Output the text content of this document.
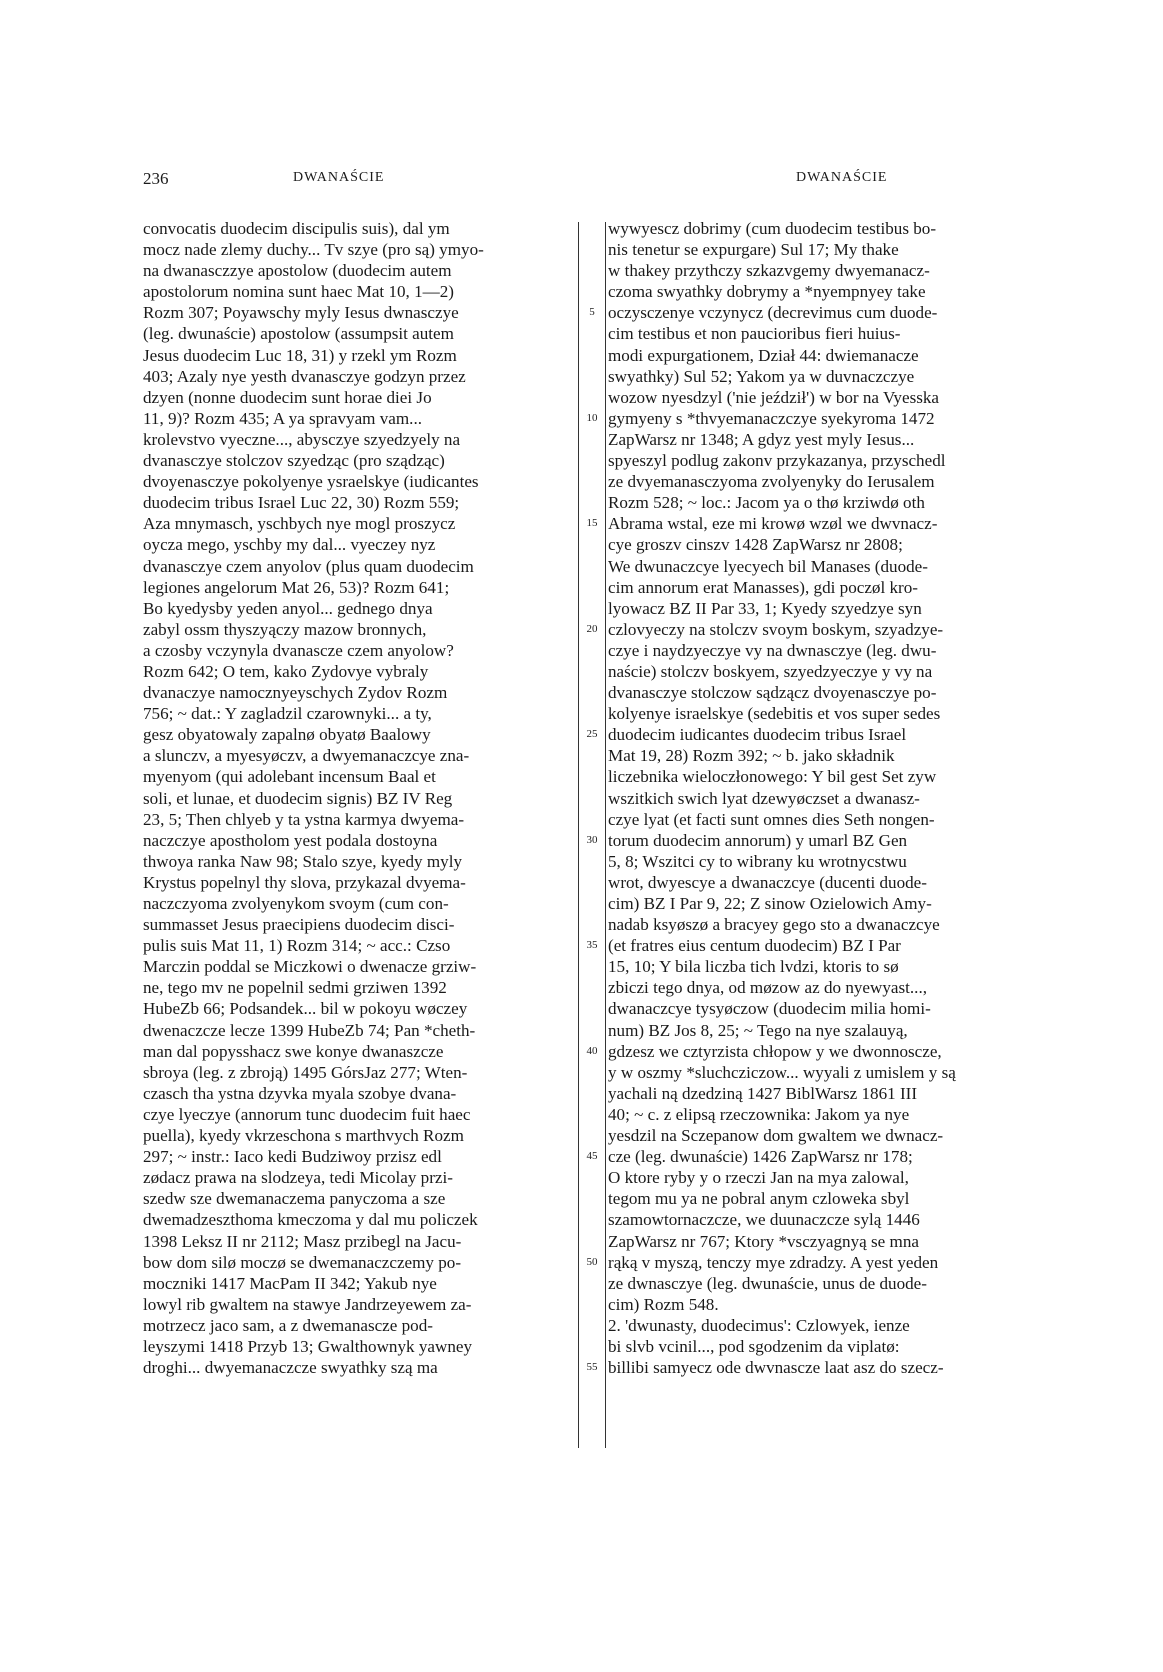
236	DWANAŚCIE	DWANAŚCIE
convocatis duodecim discipulis suis), dal ym
mocz nade zlemy duchy... Tv szye (pro są) ymyo-
na dwanasczzye apostolow (duodecim autem
apostolorum nomina sunt haec Mat 10, 1—2)
Rozm 307; Poyawschy myly Iesus dwnasczye
(leg. dwunaście) apostolow (assumpsit autem
Jesus duodecim Luc 18, 31) y rzekl ym Rozm
403; Azaly nye yesth dvanasczye godzyn przez
dzyen (nonne duodecim sunt horae diei Jo
11, 9)? Rozm 435; A ya spravyam vam...
krolevstvo vyeczne..., abysczye szyedzyely na
dvanasczye stolczov szyedząc (pro sządząc)
dvoyenasczye pokolyenye ysraelskye (iudicantes
duodecim tribus Israel Luc 22, 30) Rozm 559;
Aza mnymasch, yschbych nye mogl proszycz
oycza mego, yschby my dal... vyeczey nyz
dvanasczye czem anyolov (plus quam duodecim
legiones angelorum Mat 26, 53)? Rozm 641;
Bo kyedysby yeden anyol... gednego dnya
zabyl ossm thyszyączy mazow bronnych,
a czosby vczynyla dvanascze czem anyolow?
Rozm 642; O tem, kako Zydovye vybraly
dvanaczye namocznyeyschych Zydov Rozm
756; ~ dat.: Y zagladzil czarownyki... a ty,
gesz obyatowaly zapalnø obyatø Baalowy
a slunczv, a myesyøczv, a dwyemanaczcye zna-
myenyom (qui adolebant incensum Baal et
soli, et lunae, et duodecim signis) BZ IV Reg
23, 5; Then chlyeb y ta ystna karmya dwyema-
naczczye apostholom yest podala dostoyna
thwoya ranka Naw 98; Stalo szye, kyedy myly
Krystus popelnyl thy slova, przykazal dvyema-
naczczyoma zvolyenykom svoym (cum con-
summasset Jesus praecipiens duodecim disci-
pulis suis Mat 11, 1) Rozm 314; ~ acc.: Czso
Marczin poddal se Miczkowi o dwenacze grziw-
ne, tego mv ne popelnil sedmi grziwen 1392
HubeZb 66; Podsandek... bil w pokoyu wøczey
dwenaczcze lecze 1399 HubeZb 74; Pan *cheth-
man dal popysshacz swe konye dwanaszcze
sbroya (leg. z zbroją) 1495 GórsJaz 277; Wten-
czasch tha ystna dzyvka myala szobye dvana-
czye lyeczye (annorum tunc duodecim fuit haec
puella), kyedy vkrzeschona s marthvych Rozm
297; ~ instr.: Iaco kedi Budziwoy przisz edl
zødacz prawa na slodzeya, tedi Micolay przi-
szedw sze dwemanaczema panyczoma a sze
dwemadzeszthoma kmeczoma y dal mu policzek
1398 Leksz II nr 2112; Masz przibegl na Jacu-
bow dom silø moczø se dwemanaczczemy po-
moczniki 1417 MacPam II 342; Yakub nye
lowyl rib gwaltem na stawye Jandrzeyewem za-
motrzecz jaco sam, a z dwemanascze pod-
leyszymi 1418 Przyb 13; Gwalthownyk yawney
droghi... dwyemanaczcze swyathky szą ma
5
10
15
20
25
30
35
40
45
50
55
wywyescz dobrimy (cum duodecim testibus bo-
nis tenetur se expurgare) Sul 17; My thake
w thakey przythczy szkazvgemy dwyemanacz-
czoma swyathky dobrymy a *nyempnyey take
oczysczenye vczynycz (decrevimus cum duode-
cim testibus et non paucioribus fieri huius-
modi expurgationem, Dział 44: dwiemanacze
swyathky) Sul 52; Yakom ya w duvnaczczye
wozow nyesdzyl ('nie jeździł') w bor na Vyesska
gymyeny s *thvyemanaczczye syekyroma 1472
ZapWarsz nr 1348; A gdyz yest myly Iesus...
spyeszyl podlug zakonv przykazanya, przyschedl
ze dvyemanasczyoma zvolyenyky do Ierusalem
Rozm 528; ~ loc.: Jacom ya o thø krziwdø oth
Abrama wstal, eze mi krowø wzøl we dwvnacz-
cye groszv cinszv 1428 ZapWarsz nr 2808;
We dwunaczcye lyecyech bil Manases (duode-
cim annorum erat Manasses), gdi poczøl kro-
lyowacz BZ II Par 33, 1; Kyedy szyedzye syn
czlovyeczy na stolczv svoym boskym, szyadzye-
czye i naydzyeczye vy na dwnasczye (leg. dwu-
naście) stolczv boskyem, szyedzyeczye y vy na
dvanasczye stolczow sądzącz dvoyenasczye po-
kolyenye israelskye (sedebitis et vos super sedes
duodecim iudicantes duodecim tribus Israel
Mat 19, 28) Rozm 392; ~ b. jako składnik
liczebnika wieloczłonowego: Y bil gest Set zyw
wszitkich swich lyat dzewyøczset a dwanasz-
czye lyat (et facti sunt omnes dies Seth nongen-
torum duodecim annorum) y umarl BZ Gen
5, 8; Wszitci cy to wibrany ku wrotnycstwu
wrot, dwyescye a dwanaczcye (ducenti duode-
cim) BZ I Par 9, 22; Z sinow Ozielowich Amy-
nadab ksyøszø a bracyey gego sto a dwanaczcye
(et fratres eius centum duodecim) BZ I Par
15, 10; Y bila liczba tich lvdzi, ktoris to sø
zbiczi tego dnya, od møzow az do nyewyast...,
dwanaczcye tysyøczow (duodecim milia homi-
num) BZ Jos 8, 25; ~ Tego na nye szalauyą,
gdzesz we cztyrzista chłopow y we dwonnoscze,
y w oszmy *sluchcziczow... wyyali z umislem y są
yachali ną dzedziną 1427 BiblWarsz 1861 III
40; ~ c. z elipsą rzeczownika: Jakom ya nye
yesdzil na Sczepanow dom gwaltem we dwnacz-
cze (leg. dwunaście) 1426 ZapWarsz nr 178;
O ktore ryby y o rzeczi Jan na mya zalowal,
tegom mu ya ne pobral anym czloweka sbyl
szamowtornaczcze, we duunaczcze sylą 1446
ZapWarsz nr 767; Ktory *vsczyagnyą se mna
rąką v myszą, tenczy mye zdradzy. A yest yeden
ze dwnasczye (leg. dwunaście, unus de duode-
cim) Rozm 548.
2. 'dwunasty, duodecimus': Czlowyek, ienze
bi slvb vcinil..., pod sgodzenim da viplatø:
billibi samyecz ode dwvnascze laat asz do szecz-
